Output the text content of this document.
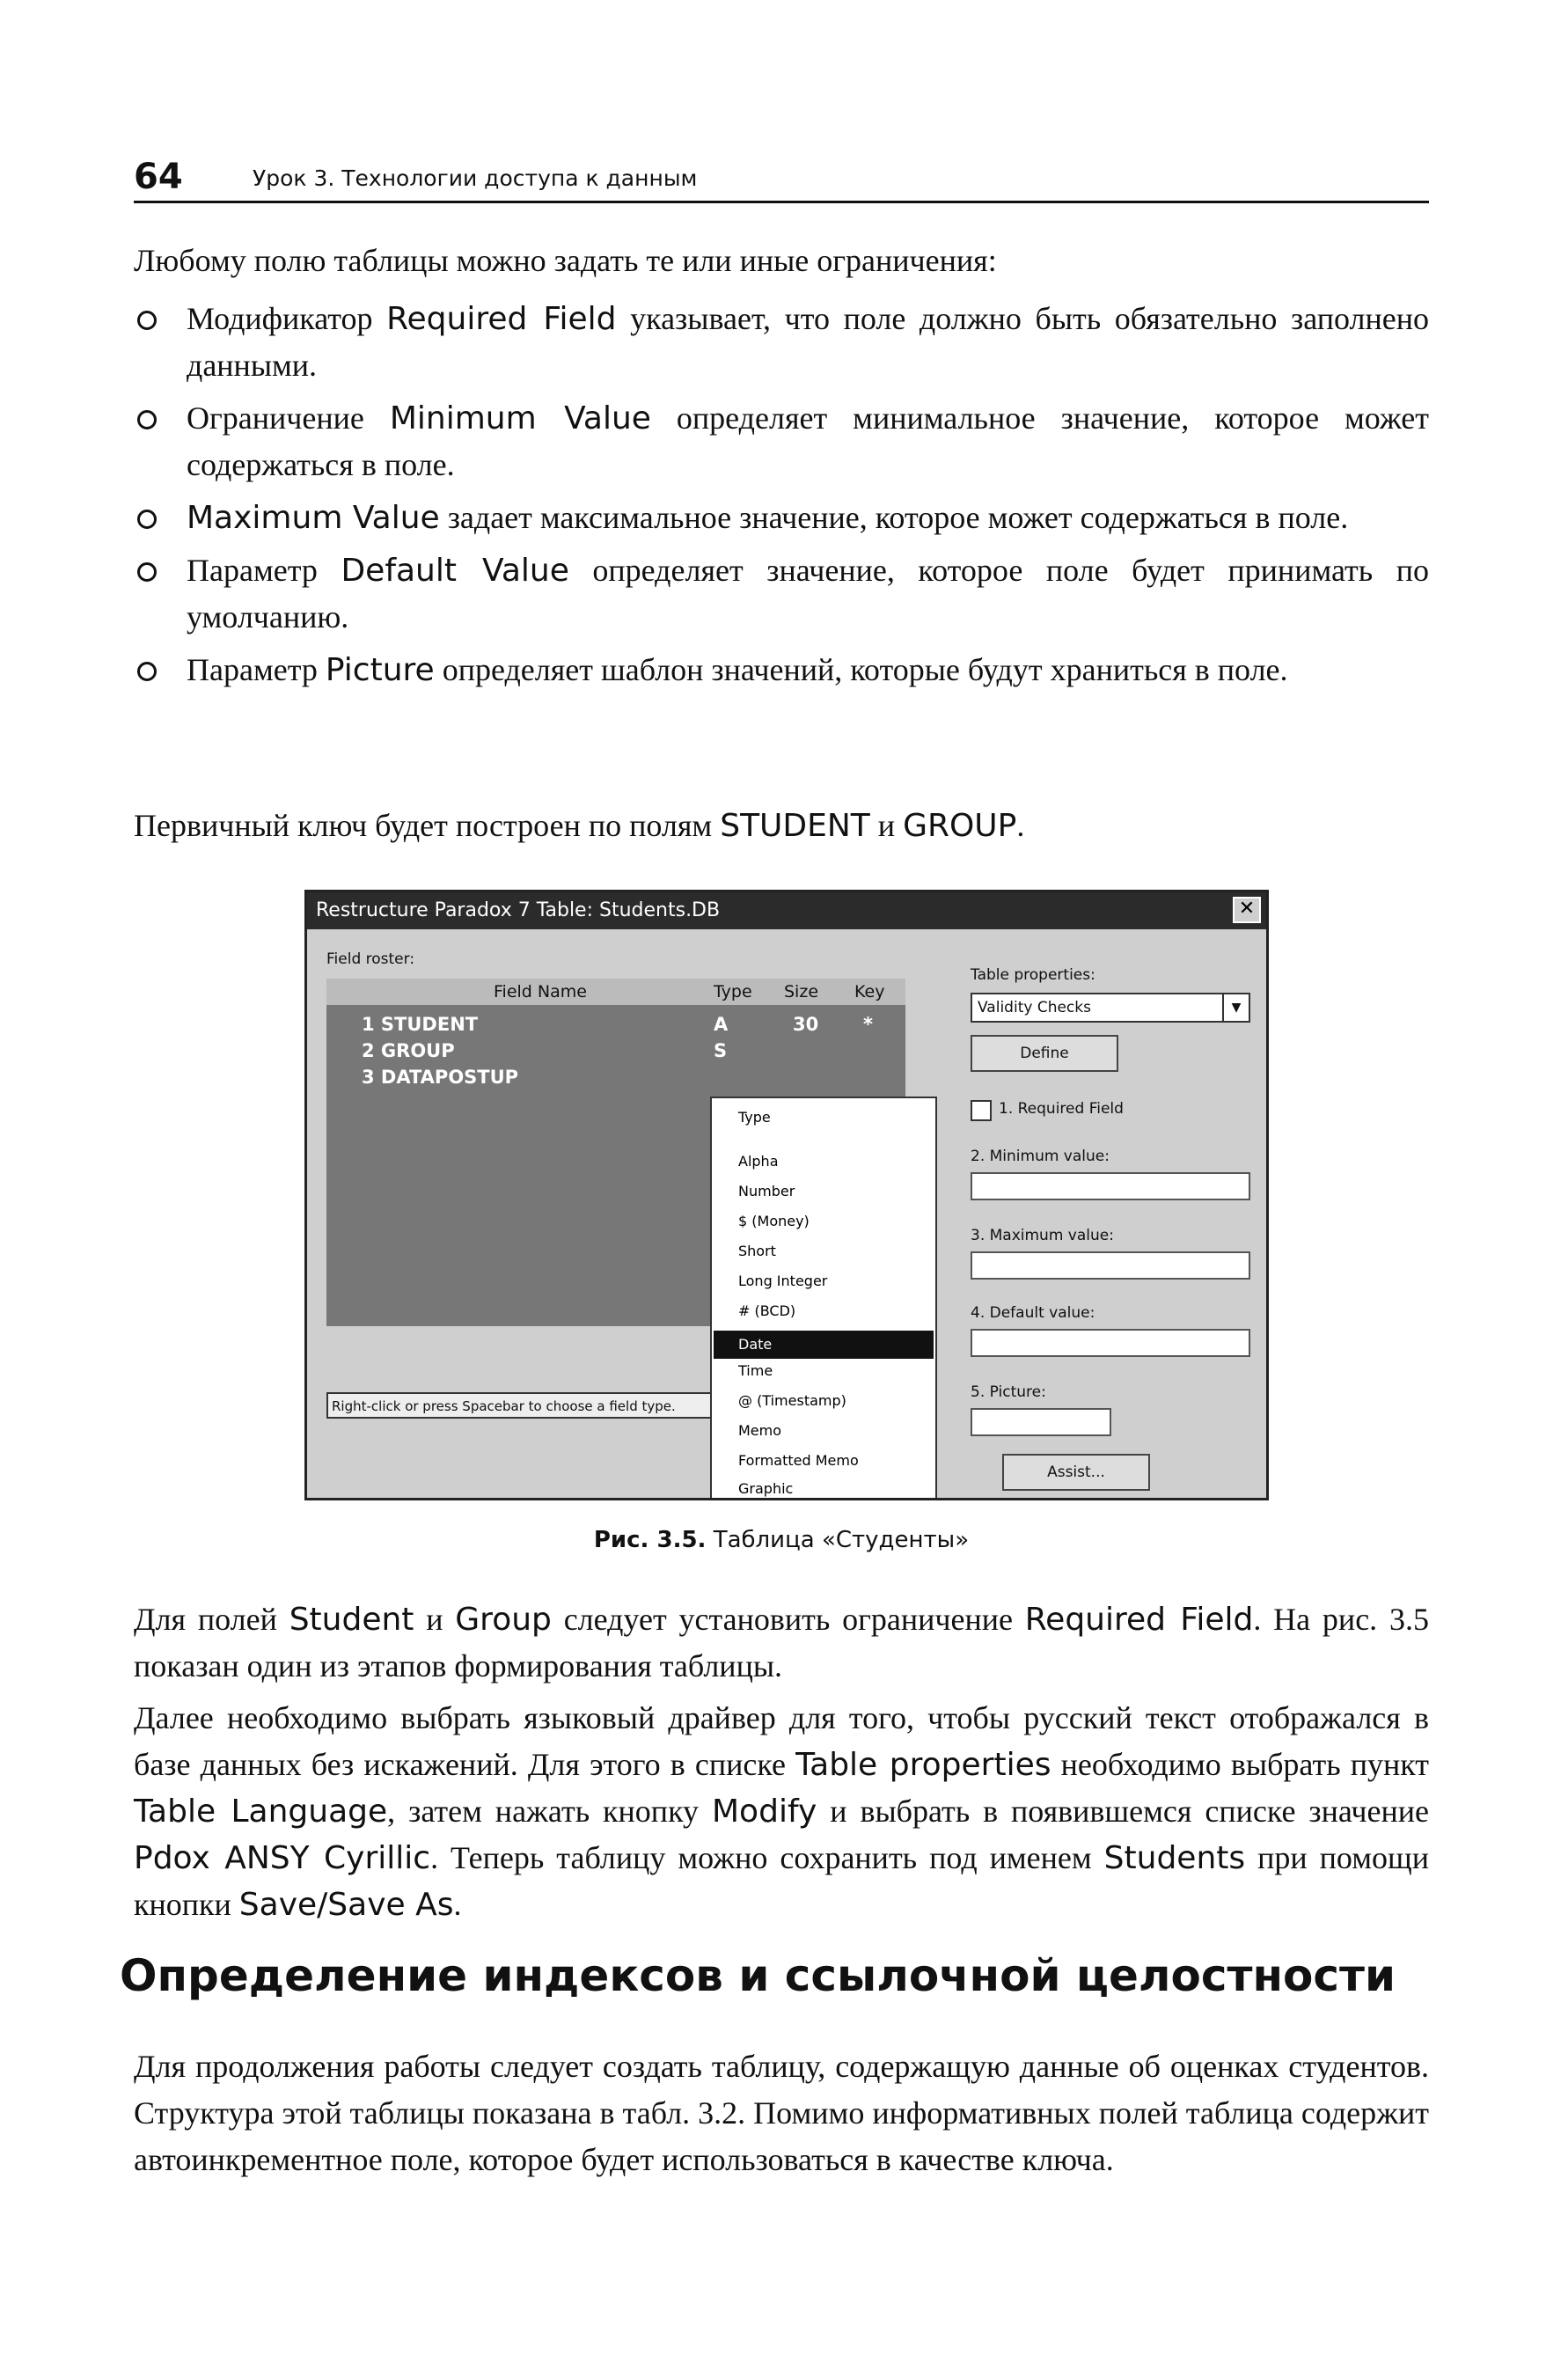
64	Урок 3. Технологии доступа к данным
Любому полю таблицы можно задать те или иные ограничения:
Модификатор Required Field указывает, что поле должно быть обязательно заполнено данными.
Ограничение Minimum Value определяет минимальное значение, которое может содержаться в поле.
Maximum Value задает максимальное значение, которое может содержаться в поле.
Параметр Default Value определяет значение, которое поле будет принимать по умолчанию.
Параметр Picture определяет шаблон значений, которые будут храниться в поле.
Первичный ключ будет построен по полям STUDENT и GROUP.
Restructure Paradox 7 Table: Students.DB	✕
Field roster:
Field Name	Type Size Key
1 STUDENT	A	30 *
2 GROUP	S
3 DATAPOSTUP
Right-click or press Spacebar to choose a field type.
Type
Alpha
Number
$ (Money)
Short
Long Integer
# (BCD)
Date
Time
@ (Timestamp)
Memo
Formatted Memo
Graphic
Table properties:
Validity Checks	▼
Define
1. Required Field
2. Minimum value:
3. Maximum value:
4. Default value:
5. Picture:
Assist...
Рис. 3.5. Таблица «Студенты»
Для полей Student и Group следует установить ограничение Required Field. На рис. 3.5 показан один из этапов формирования таблицы.
Далее необходимо выбрать языковый драйвер для того, чтобы русский текст отображался в базе данных без искажений. Для этого в списке Table properties необходимо выбрать пункт Table Language, затем нажать кнопку Modify и выбрать в появившемся списке значение Pdox ANSY Cyrillic. Теперь таблицу можно сохранить под именем Students при помощи кнопки Save/Save As.
Определение индексов и ссылочной целостности
Для продолжения работы следует создать таблицу, содержащую данные об оценках студентов. Структура этой таблицы показана в табл. 3.2. Помимо информативных полей таблица содержит автоинкрементное поле, которое будет использоваться в качестве ключа.
